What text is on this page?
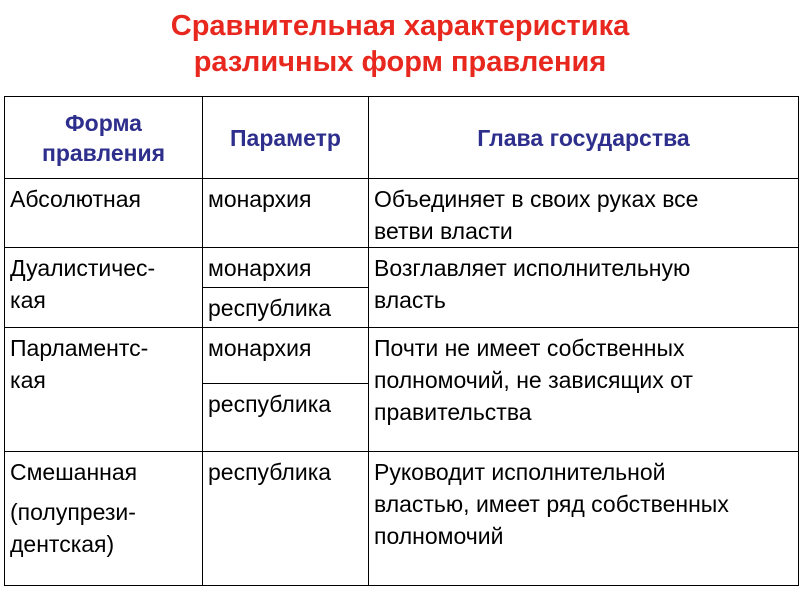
Сравнительная характеристика
различных форм правления
Форма
правления	Параметр	Глава государства

Абсолютная	монархия	Объединяет в своих руках все
ветви власти

Дуалистичес-
кая	монархия	Возглавляет исполнительную
власть

	республика	

Парламентс-
кая	монархия	Почти не имеет собственных
полномочий, не зависящих от
правительства

	республика	

Смешанная
(полупрези-
дентская)	республика	Руководит исполнительной
властью, имеет ряд собственных
полномочий
